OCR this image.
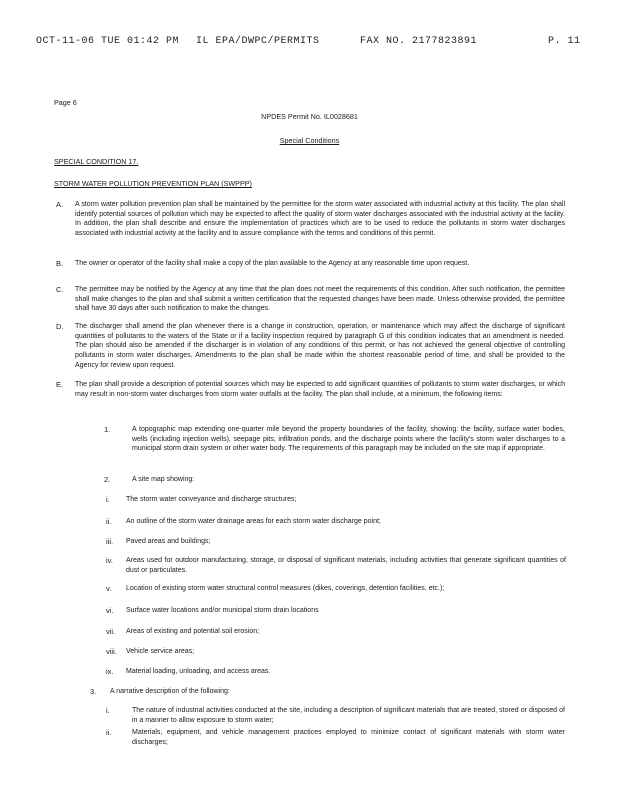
OCT-11-06 TUE 01:42 PM IL EPA/DWPC/PERMITS	FAX NO. 2177823891	P. 11
Page 6
NPDES Permit No. IL0028681
Special Conditions
SPECIAL CONDITION 17.
STORM WATER POLLUTION PREVENTION PLAN (SWPPP)
A. A storm water pollution prevention plan shall be maintained by the permittee for the storm water associated with industrial activity at this facility. The plan shall identify potential sources of pollution which may be expected to affect the quality of storm water discharges associated with the industrial activity at the facility. In addition, the plan shall describe and ensure the implementation of practices which are to be used to reduce the pollutants in storm water discharges associated with industrial activity at the facility and to assure compliance with the terms and conditions of this permit.
B. The owner or operator of the facility shall make a copy of the plan available to the Agency at any reasonable time upon request.
C. The permittee may be notified by the Agency at any time that the plan does not meet the requirements of this condition. After such notification, the permittee shall make changes to the plan and shall submit a written certification that the requested changes have been made. Unless otherwise provided, the permittee shall have 30 days after such notification to make the changes.
D. The discharger shall amend the plan whenever there is a change in construction, operation, or maintenance which may affect the discharge of significant quantities of pollutants to the waters of the State or if a facility inspection required by paragraph G of this condition indicates that an amendment is needed. The plan should also be amended if the discharger is in violation of any conditions of this permit, or has not achieved the general objective of controlling pollutants in storm water discharges. Amendments to the plan shall be made within the shortest reasonable period of time, and shall be provided to the Agency for review upon request.
E. The plan shall provide a description of potential sources which may be expected to add significant quantities of pollutants to storm water discharges, or which may result in non-storm water discharges from storm water outfalls at the facility. The plan shall include, at a minimum, the following items:
1.	A topographic map extending one-quarter mile beyond the property boundaries of the facility, showing: the facility, surface water bodies, wells (including injection wells), seepage pits, infiltration ponds, and the discharge points where the facility's storm water discharges to a municipal storm drain system or other water body. The requirements of this paragraph may be included on the site map if appropriate.
2.	A site map showing:
i. The storm water conveyance and discharge structures;
ii. An outline of the storm water drainage areas for each storm water discharge point;
iii. Paved areas and buildings;
iv. Areas used for outdoor manufacturing, storage, or disposal of significant materials, including activities that generate significant quantities of dust or particulates.
v. Location of existing storm water structural control measures (dikes, coverings, detention facilities, etc.);
vi. Surface water locations and/or municipal storm drain locations
vii. Areas of existing and potential soil erosion;
viii. Vehicle service areas;
ix. Material loading, unloading, and access areas.
3. A narrative description of the following:
i.	The nature of industrial activities conducted at the site, including a description of significant materials that are treated, stored or disposed of in a manner to allow exposure to storm water;
ii.	Materials, equipment, and vehicle management practices employed to minimize contact of significant materials with storm water discharges;
